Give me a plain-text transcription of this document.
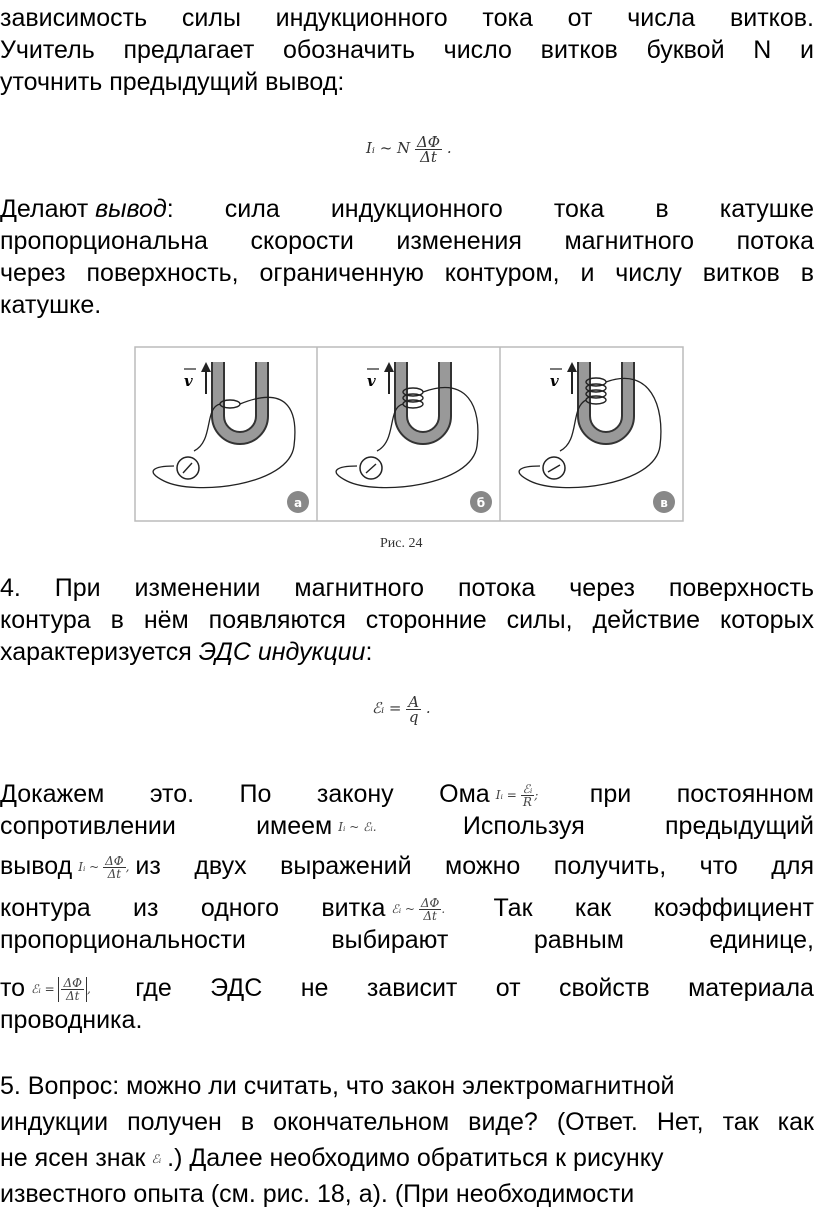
зависимость силы индукционного тока от числа витков.
Учитель предлагает обозначить число витков буквой N и
уточнить предыдущий вывод:
Iᵢ ~ N $\frac{\Delta\Phi}{\Delta t}$ .
Делают вывод : сила индукционного тока в катушке
пропорциональна скорости изменения магнитного потока
через поверхность, ограниченную контуром, и числу витков в
катушке.
v
а
v
б
v
в
Рис. 24
4. При изменении магнитного потока через поверхность
контура в нём появляются сторонние силы, действие которых
характеризуется ЭДС индукции:
ℰᵢ = $\frac{A}{q}$ .
Докажем это. По закону Ома Iᵢ = $\frac{\text{ℰᵢ}}{R}$ ; при постоянном
сопротивлении	имеем Iᵢ ~ ℰᵢ.	Используя	предыдущий
вывод Iᵢ ~ $\frac{\Delta\Phi}{\Delta t}$ , из двух выражений можно получить, что для
контура из одного витка ℰᵢ ~ $\frac{\Delta\Phi}{\Delta t}$ . Так как коэффициент
пропорциональности выбирают равным единице,
то ℰᵢ = $\frac{\Delta\Phi}{\Delta t}$ , где ЭДС не зависит от свойств материала
проводника.
5. Вопрос: можно ли считать, что закон электромагнитной
индукции получен в окончательном виде? (Ответ. Нет, так как
не ясен знак ℰᵢ .) Далее необходимо обратиться к рисунку
известного опыта (см. рис. 18, а). (При необходимости
